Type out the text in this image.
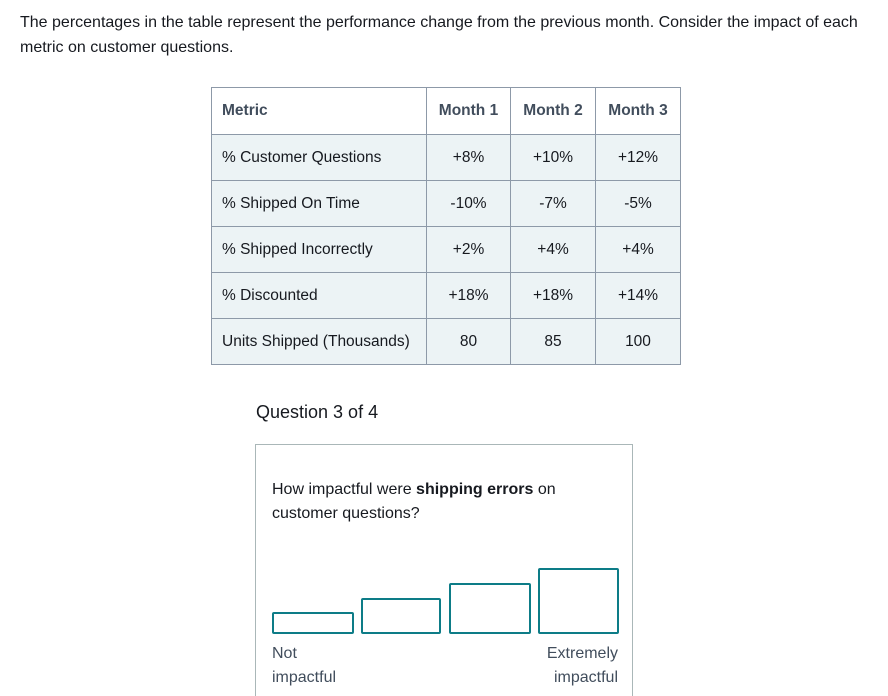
The percentages in the table represent the performance change from the previous month. Consider the impact of each metric on customer questions.

Metric	Month 1	Month 2	Month 3
% Customer Questions	+8%	+10%	+12%
% Shipped On Time	-10%	-7%	-5%
% Shipped Incorrectly	+2%	+4%	+4%
% Discounted	+18%	+18%	+14%
Units Shipped (Thousands)	80	85	100
Question 3 of 4
How impactful were shipping errors on customer questions?
Not
impactful
Extremely
impactful
